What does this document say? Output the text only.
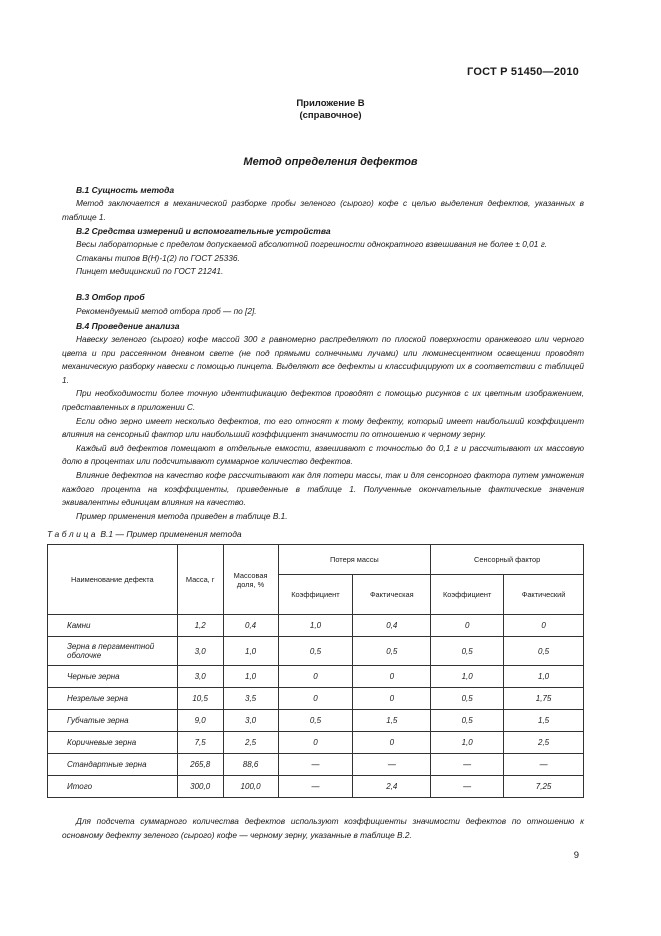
ГОСТ Р 51450—2010
Приложение В
(справочное)
Метод определения дефектов
В.1 Сущность метода

Метод заключается в механической разборке пробы зеленого (сырого) кофе с целью выделения дефектов, указанных в таблице 1.

В.2 Средства измерений и вспомогательные устройства

Весы лабораторные с пределом допускаемой абсолютной погрешности однократного взвешивания не более ± 0,01 г.

Стаканы типов В(Н)-1(2) по ГОСТ 25336.

Пинцет медицинский по ГОСТ 21241.

В.3 Отбор проб

Рекомендуемый метод отбора проб — по [2].

В.4 Проведение анализа

Навеску зеленого (сырого) кофе массой 300 г равномерно распределяют по плоской поверхности оранжевого или черного цвета и при рассеянном дневном свете (не под прямыми солнечными лучами) или люминесцентном освещении проводят механическую разборку навески с помощью пинцета. Выделяют все дефекты и классифицируют их в соответствии с таблицей 1.

При необходимости более точную идентификацию дефектов проводят с помощью рисунков с их цветным изображением, представленных в приложении С.

Если одно зерно имеет несколько дефектов, то его относят к тому дефекту, который имеет наибольший коэффициент влияния на сенсорный фактор или наибольший коэффициент значимости по отношению к черному зерну.

Каждый вид дефектов помещают в отдельные емкости, взвешивают с точностью до 0,1 г и рассчитывают их массовую долю в процентах или подсчитывают суммарное количество дефектов.

Влияние дефектов на качество кофе рассчитывают как для потери массы, так и для сенсорного фактора путем умножения каждого процента на коэффициенты, приведенные в таблице 1. Полученные окончательные фактические значения эквивалентны единицам влияния на качество.

Пример применения метода приведен в таблице В.1.

Таблица В.1 — Пример применения метода
Наименование дефекта	Масса, г	Массовая доля, %	Потеря массы		Сенсорный фактор	
			Коэффициент	Фактическая	Коэффициент	Фактический
Камни	1,2	0,4	1,0	0,4	0	0
Зерна в пергаментной оболочке	3,0	1,0	0,5	0,5	0,5	0,5
Черные зерна	3,0	1,0	0	0	1,0	1,0
Незрелые зерна	10,5	3,5	0	0	0,5	1,75
Губчатые зерна	9,0	3,0	0,5	1,5	0,5	1,5
Коричневые зерна	7,5	2,5	0	0	1,0	2,5
Стандартные зерна	265,8	88,6	—	—	—	—
Итого	300,0	100,0	—	2,4	—	7,25

Для подсчета суммарного количества дефектов используют коэффициенты значимости дефектов по отношению к основному дефекту зеленого (сырого) кофе — черному зерну, указанные в таблице В.2.

9
